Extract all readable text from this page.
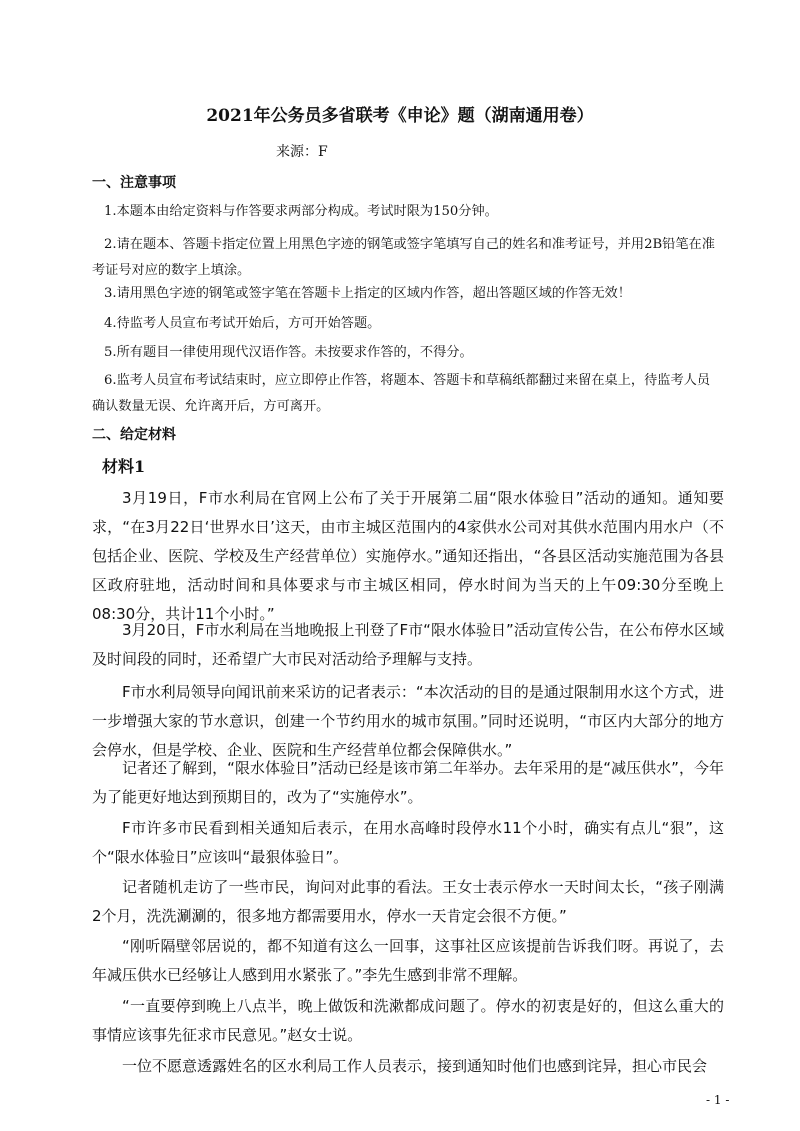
2021年公务员多省联考《申论》题（湖南通用卷）
来源：F
一、注意事项

1.本题本由给定资料与作答要求两部分构成。考试时限为150分钟。

2.请在题本、答题卡指定位置上用黑色字迹的钢笔或签字笔填写自己的姓名和准考证号，并用2B铅笔在准考证号对应的数字上填涂。

3.请用黑色字迹的钢笔或签字笔在答题卡上指定的区域内作答，超出答题区域的作答无效！

4.待监考人员宣布考试开始后，方可开始答题。

5.所有题目一律使用现代汉语作答。未按要求作答的，不得分。

6.监考人员宣布考试结束时，应立即停止作答，将题本、答题卡和草稿纸都翻过来留在桌上，待监考人员确认数量无误、允许离开后，方可离开。

二、给定材料
材料1

3月19日，F市水利局在官网上公布了关于开展第二届“限水体验日”活动的通知。通知要求，“在3月22日‘世界水日’这天，由市主城区范围内的4家供水公司对其供水范围内用水户（不包括企业、医院、学校及生产经营单位）实施停水。”通知还指出，“各县区活动实施范围为各县区政府驻地，活动时间和具体要求与市主城区相同，停水时间为当天的上午09:30分至晚上08:30分，共计11个小时。”

3月20日，F市水利局在当地晚报上刊登了F市“限水体验日”活动宣传公告，在公布停水区域及时间段的同时，还希望广大市民对活动给予理解与支持。

F市水利局领导向闻讯前来采访的记者表示：“本次活动的目的是通过限制用水这个方式，进一步增强大家的节水意识，创建一个节约用水的城市氛围。”同时还说明，“市区内大部分的地方会停水，但是学校、企业、医院和生产经营单位都会保障供水。”

记者还了解到，“限水体验日”活动已经是该市第二年举办。去年采用的是“减压供水”，今年为了能更好地达到预期目的，改为了“实施停水”。

F市许多市民看到相关通知后表示，在用水高峰时段停水11个小时，确实有点儿“狠”，这个“限水体验日”应该叫“最狠体验日”。

记者随机走访了一些市民，询问对此事的看法。王女士表示停水一天时间太长，“孩子刚满2个月，洗洗涮涮的，很多地方都需要用水，停水一天肯定会很不方便。”

“刚听隔壁邻居说的，都不知道有这么一回事，这事社区应该提前告诉我们呀。再说了，去年减压供水已经够让人感到用水紧张了。”李先生感到非常不理解。

“一直要停到晚上八点半，晚上做饭和洗漱都成问题了。停水的初衷是好的，但这么重大的事情应该事先征求市民意见。”赵女士说。

一位不愿意透露姓名的区水利局工作人员表示，接到通知时他们也感到诧异，担心市民会

- 1 -
